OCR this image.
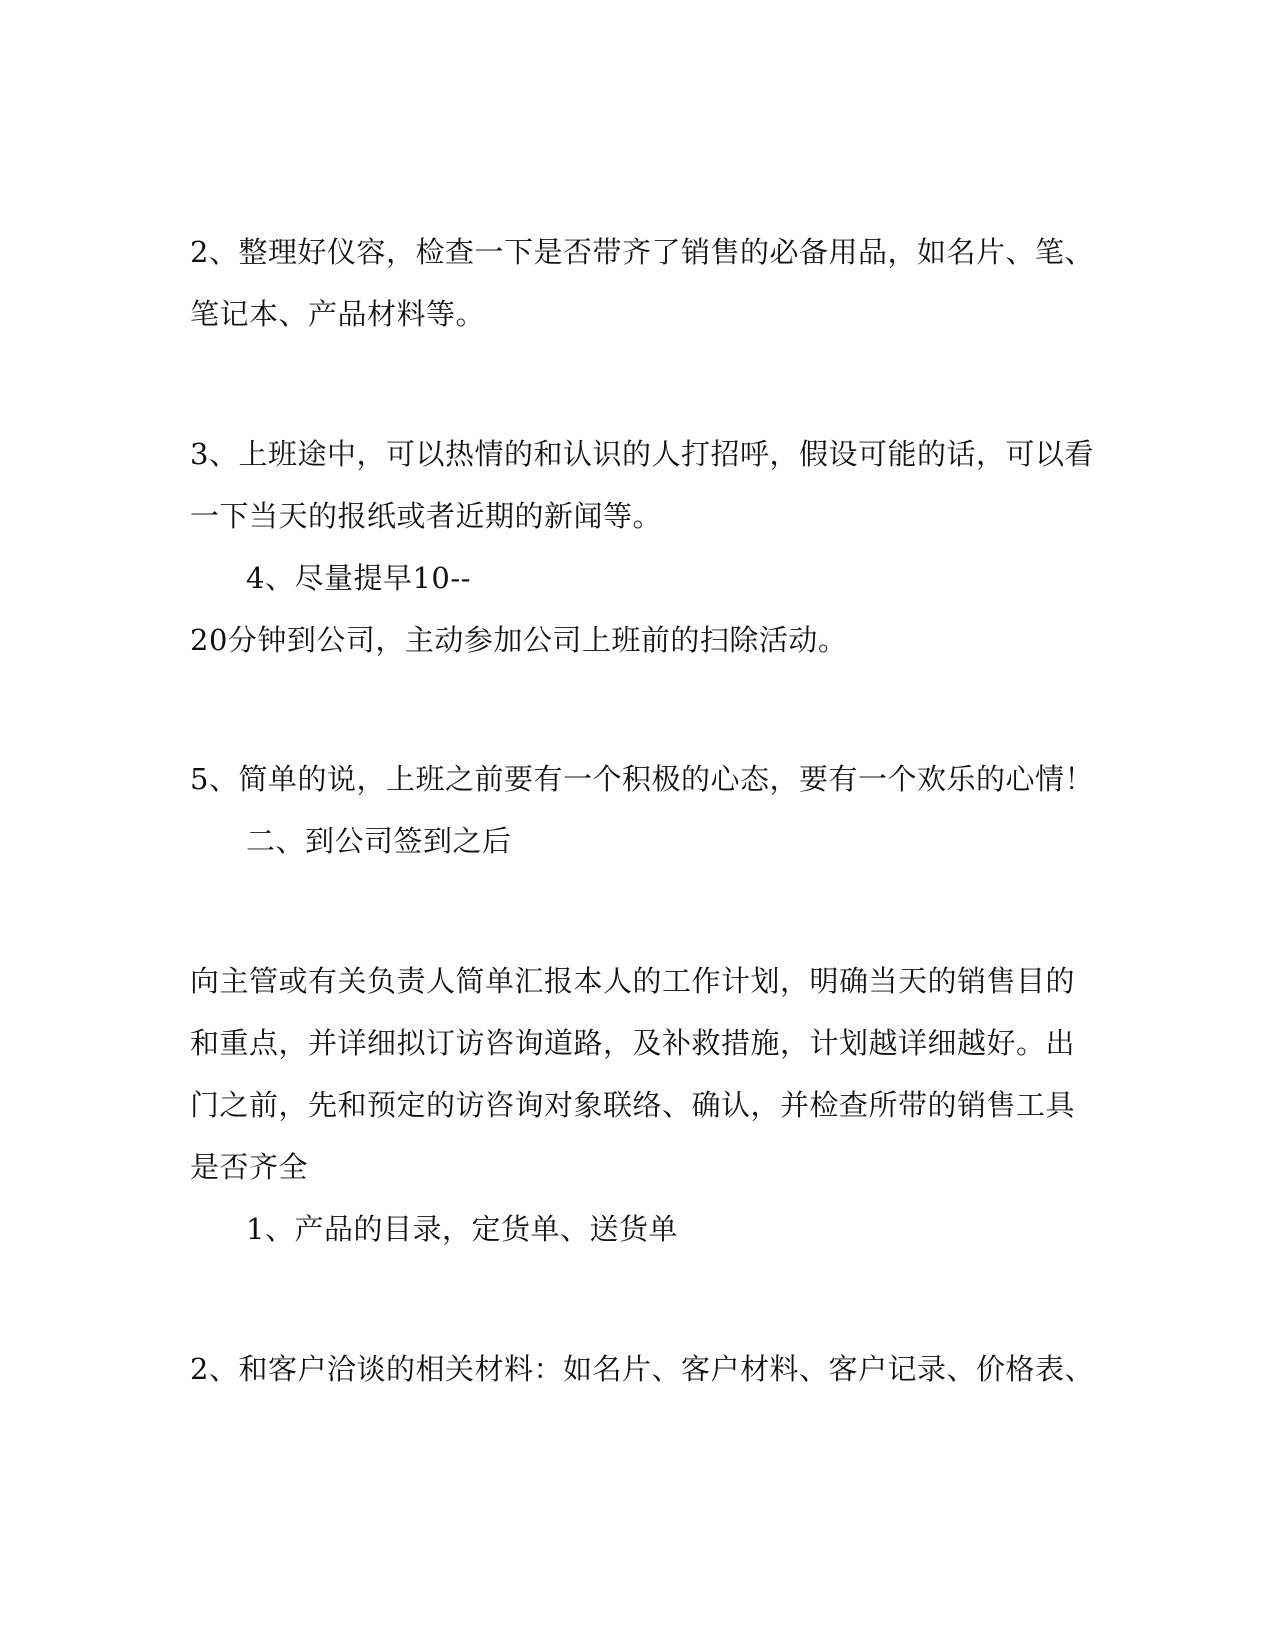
2、整理好仪容，检查一下是否带齐了销售的必备用品，如名片、笔、
笔记本、产品材料等。
3、上班途中，可以热情的和认识的人打招呼，假设可能的话，可以看
一下当天的报纸或者近期的新闻等。
4、尽量提早10--
20分钟到公司，主动参加公司上班前的扫除活动。
5、简单的说，上班之前要有一个积极的心态，要有一个欢乐的心情！
二、到公司签到之后
向主管或有关负责人简单汇报本人的工作计划，明确当天的销售目的
和重点，并详细拟订访咨询道路，及补救措施，计划越详细越好。出
门之前，先和预定的访咨询对象联络、确认，并检查所带的销售工具
是否齐全
1、产品的目录，定货单、送货单
2、和客户洽谈的相关材料：如名片、客户材料、客户记录、价格表、
